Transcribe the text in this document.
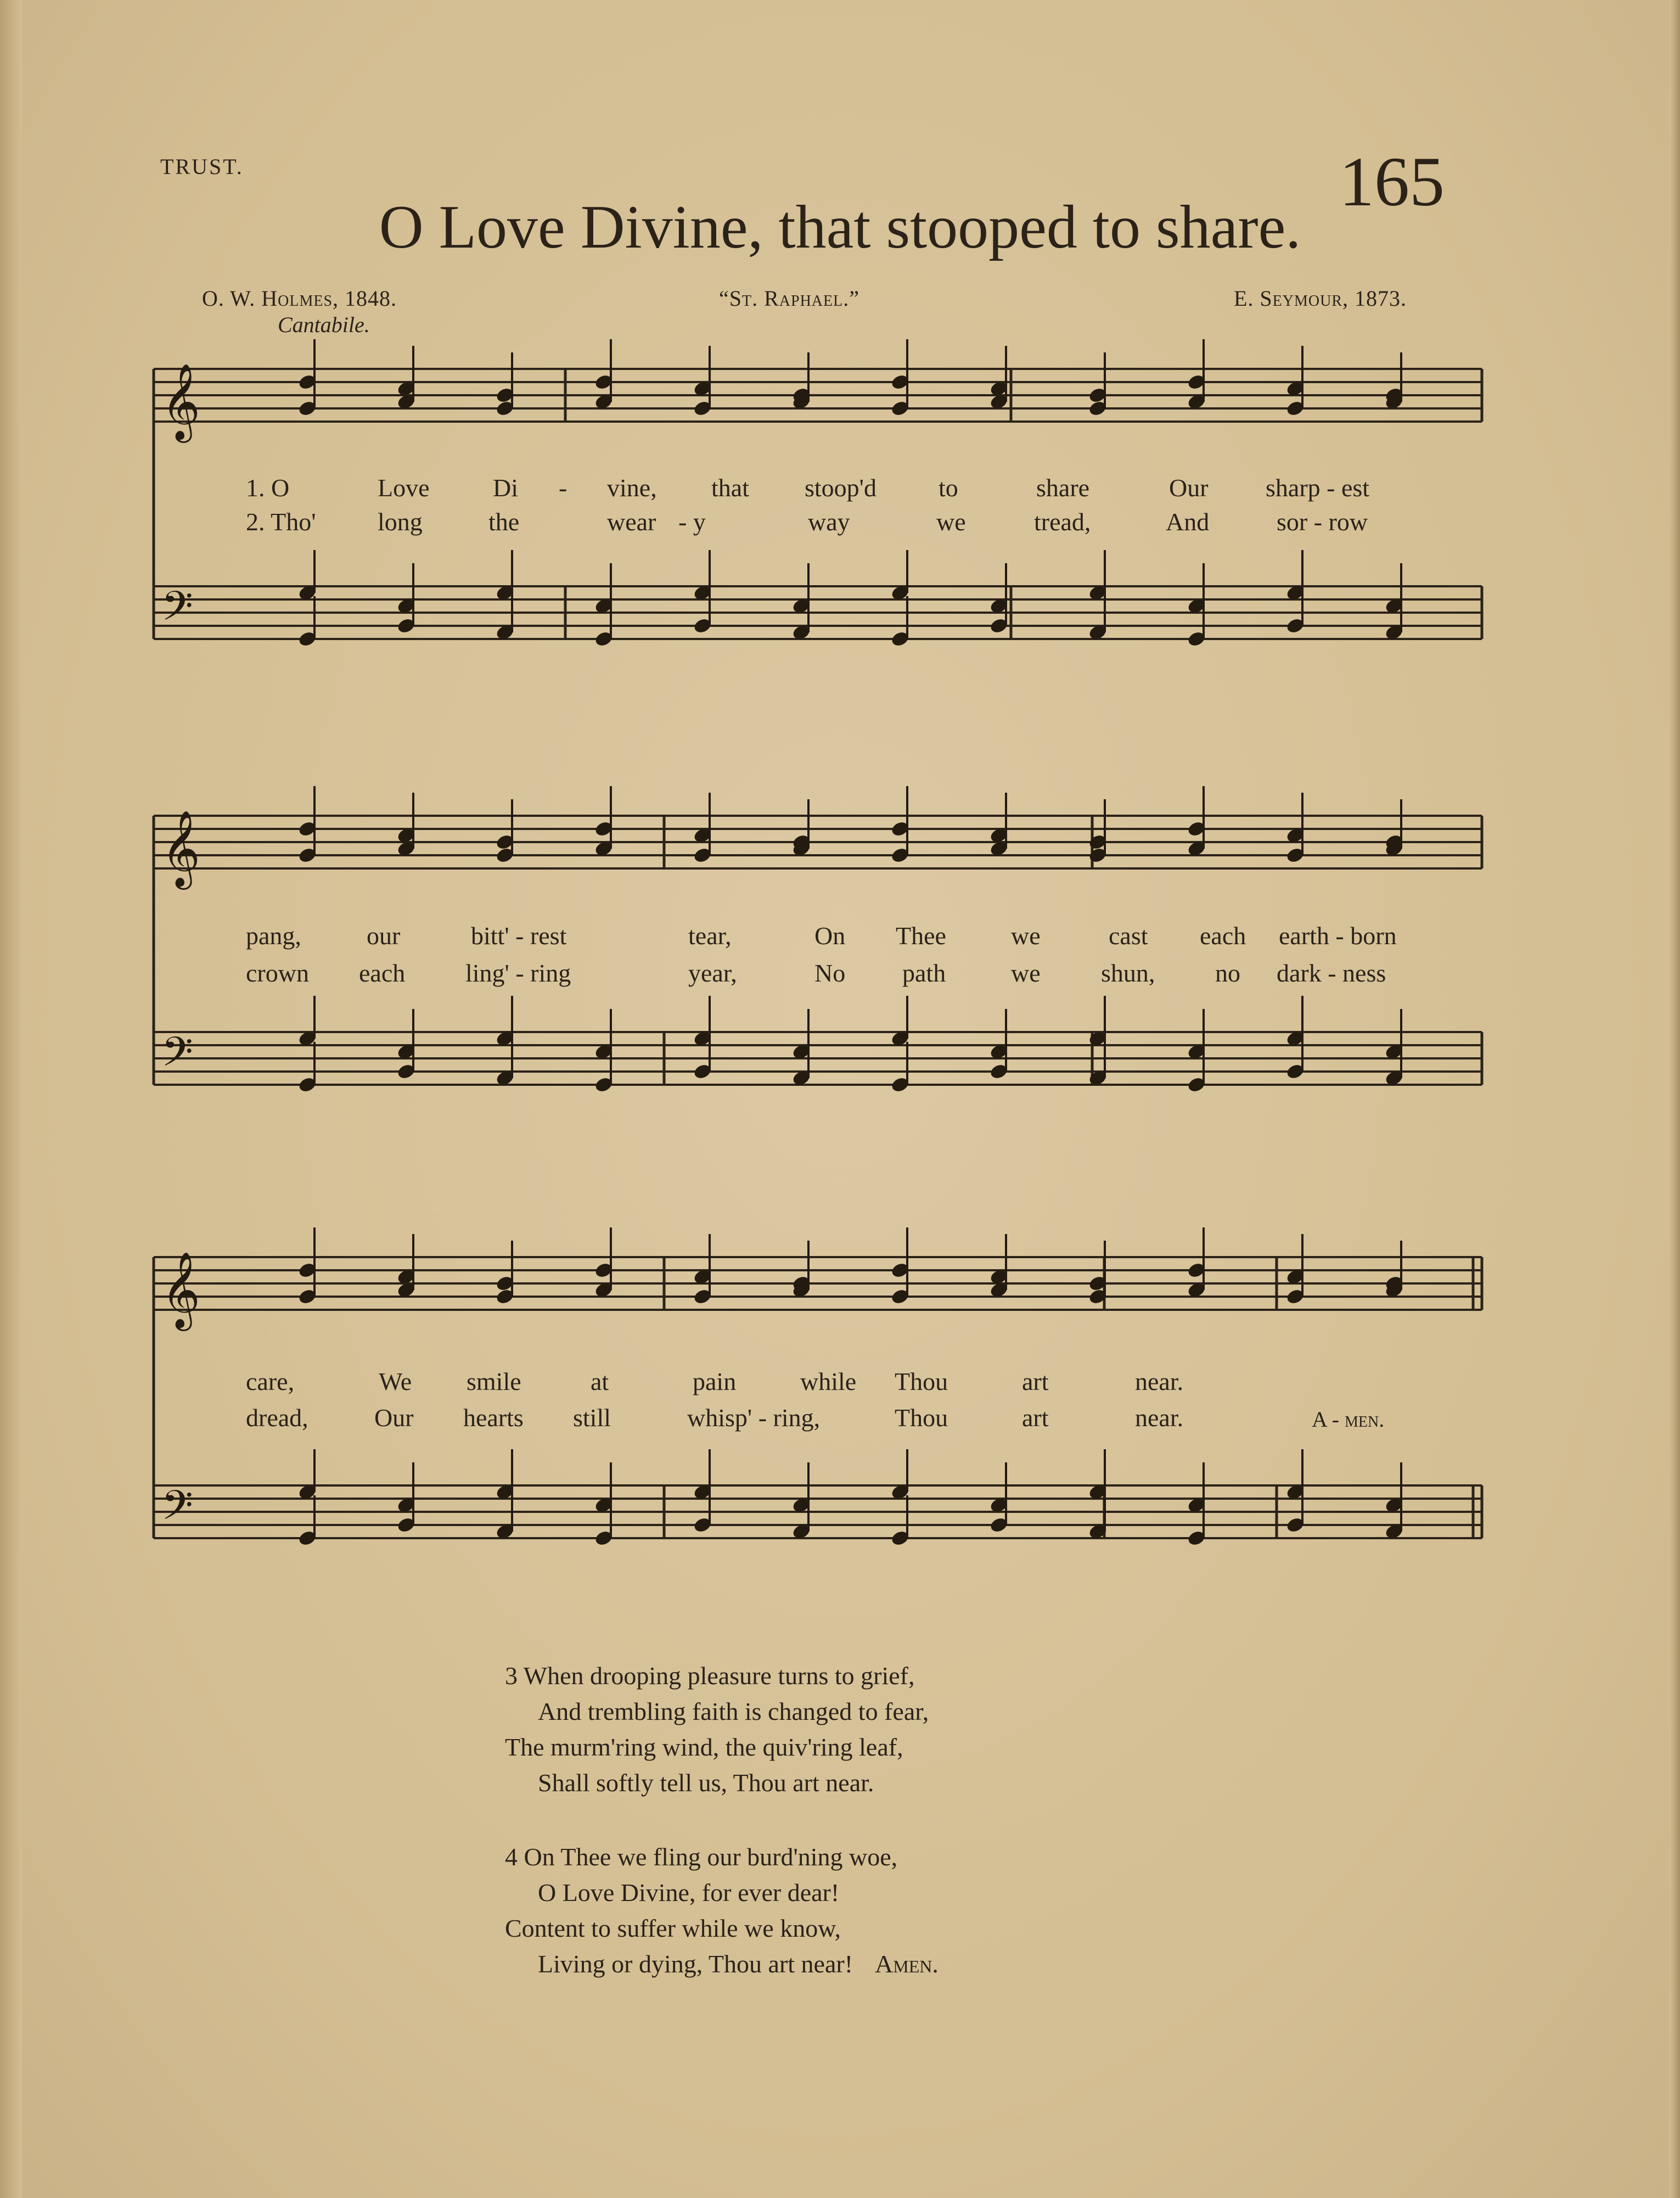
TRUST.	165
O Love Divine, that stooped to share.
O. W. Holmes, 1848.	“St. Raphael.”	E. Seymour, 1873.
Cantabile.
𝄞
𝄢
𝄞
𝄢
𝄞
𝄢
1. O	Love	Di - vine, that stoop'd to	share	Our sharp - est
2. Tho' long	the	wear - y	way	we	tread,	And	sor - row
pang,	our	bitt' - rest	tear,	On Thee	we	cast each earth - born
crown each ling' - ring	year,	No path	we shun, no dark - ness
care,	We smile	at	pain	while Thou	art	near.
dread,	Our hearts still	whisp' - ring,	Thou	art	near.	A - men.
3 When drooping pleasure turns to grief,
And trembling faith is changed to fear,
The murm'ring wind, the quiv'ring leaf,
Shall softly tell us, Thou art near.
4 On Thee we fling our burd'ning woe,
O Love Divine, for ever dear!
Content to suffer while we know,
Living or dying, Thou art near! Amen.
